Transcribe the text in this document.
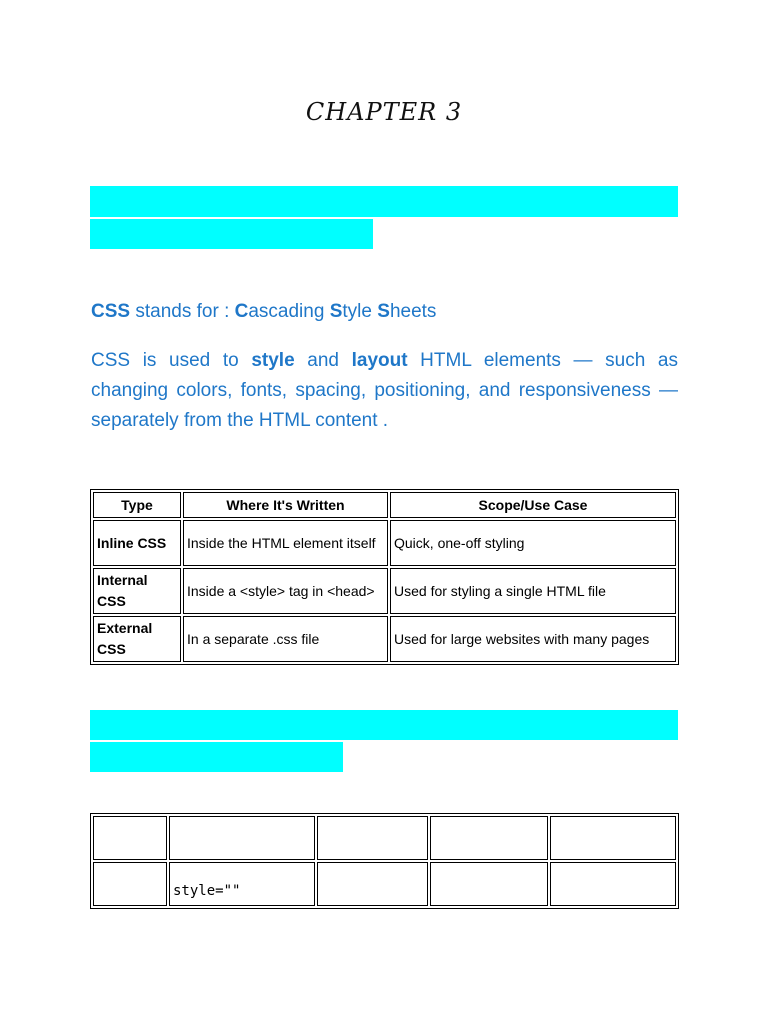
CHAPTER 3
CSS stands for : Cascading Style Sheets
CSS is used to style and layout HTML elements — such as changing colors, fonts, spacing, positioning, and responsiveness — separately from the HTML content .
Type	Where It's Written	Scope/Use Case
Inline CSS	Inside the HTML element itself	Quick, one-off styling
Internal CSS	Inside a <style> tag in <head>	Used for styling a single HTML file
External CSS	In a separate .css file	Used for large websites with many pages

	style=""			
